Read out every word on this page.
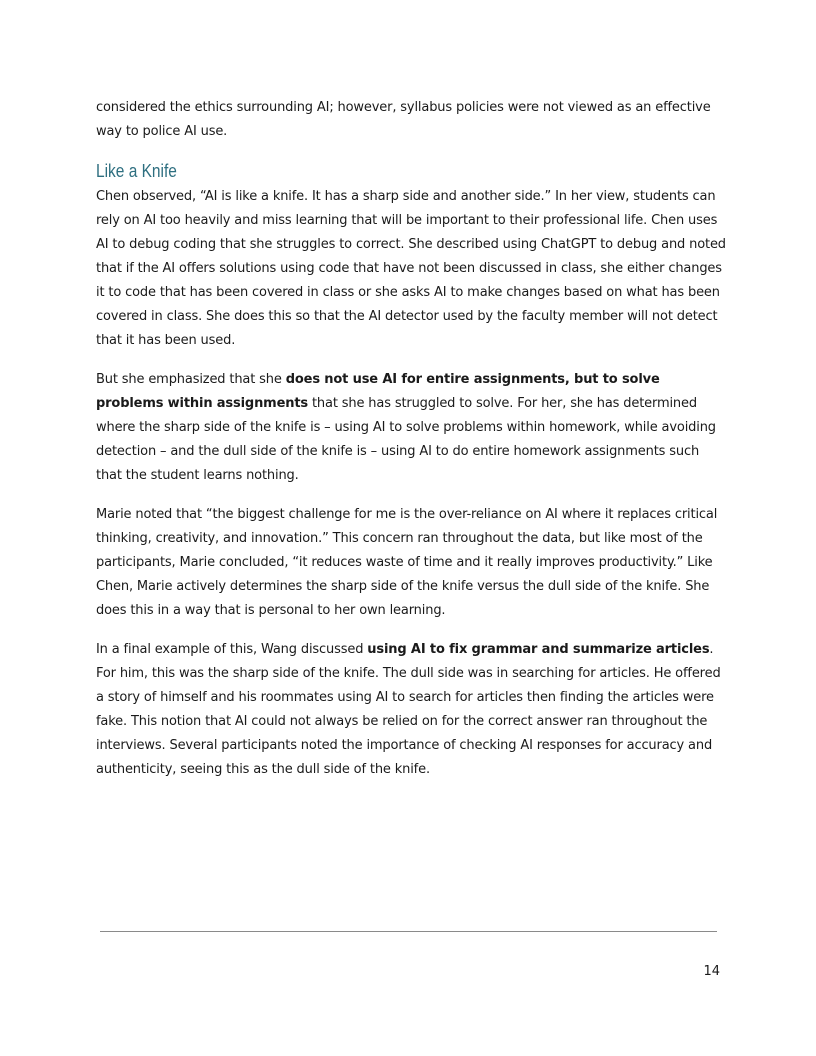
considered the ethics surrounding AI; however, syllabus policies were not viewed as an effective way to police AI use.

Like a Knife

Chen observed, “AI is like a knife. It has a sharp side and another side.” In her view, students can rely on AI too heavily and miss learning that will be important to their professional life. Chen uses AI to debug coding that she struggles to correct. She described using ChatGPT to debug and noted that if the AI offers solutions using code that have not been discussed in class, she either changes it to code that has been covered in class or she asks AI to make changes based on what has been covered in class. She does this so that the AI detector used by the faculty member will not detect that it has been used.

But she emphasized that she does not use AI for entire assignments, but to solve problems within assignments that she has struggled to solve. For her, she has determined where the sharp side of the knife is – using AI to solve problems within homework, while avoiding detection – and the dull side of the knife is – using AI to do entire homework assignments such that the student learns nothing.

Marie noted that “the biggest challenge for me is the over-reliance on AI where it replaces critical thinking, creativity, and innovation.” This concern ran throughout the data, but like most of the participants, Marie concluded, “it reduces waste of time and it really improves productivity.” Like Chen, Marie actively determines the sharp side of the knife versus the dull side of the knife. She does this in a way that is personal to her own learning.

In a final example of this, Wang discussed using AI to fix grammar and summarize articles. For him, this was the sharp side of the knife. The dull side was in searching for articles. He offered a story of himself and his roommates using AI to search for articles then finding the articles were fake. This notion that AI could not always be relied on for the correct answer ran throughout the interviews. Several participants noted the importance of checking AI responses for accuracy and authenticity, seeing this as the dull side of the knife.

14
